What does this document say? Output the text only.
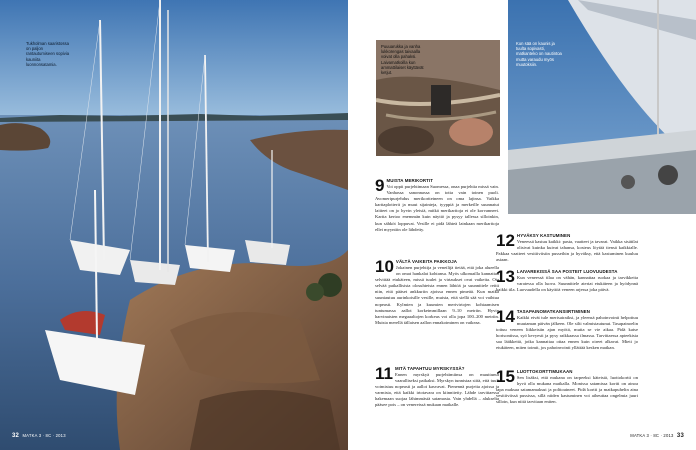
Tukholman saaristossa on paljon rantautumiseen sopivia kauniita luonnonsatamia.
32 MATKA 3 · 8C · 2013
Puuuarukka ja vanha lukkorengas taivaalla voivat olla pahaksi. Laivamatkoilla kun ammattilaiset käyttävät ketjut.
Kun sää on kaunis ja tuulta sopivasti, matkanteko on nautintoa mutta varaudu myös muutoksiin.
9 MUISTA MERIKORTIT
Voi oppii purjehtimaan Suomessa, onaa purjehtia missä vain. Vanhassa sanonnassa on totta vain toinen puoli. Avomeripurjehdus merikortteineen on oma lajinsa. Vaikka karttaplotterit ja muut sijainteja, tyyppiä ja merkeille suunnatut laitteet on jo hyvin yleisiä, mitkä merikarttoja ei ole korvanneet. Kartta kertoo enemmän kuin näyttö ja pysyy tallessa silloinkin, kun sähköt loppuvat. Vesille ei pidä lähteä lainkaan merikarttoja ellei myyntiin ole lähdetty.
10 VÄLTÄ VAIKEITA PAIKKOJA
Jokainen purjehtija ja veneilijä tietää, että joka alueella on omat hankalat kohtansa. Myös ulkomailla kannattaa selvittää etukäteen, missä tuulet ja virtaukset ovat vaikeita. Ota selvää paikallisista olosuhteista ennen lähtöä ja suunnittele reitti niin, että pääset ankkuriin ajoissa ennen pimeää. Kun matka suuntautuu aurinkoisille vesille, muista, että siellä sää voi vaihtua nopeasti. Kylmien ja kuumien merivirtojen kohtaamisen tuntumassa aallot korkeimmillaan 9–10 metriin. Hyvin harvinaisten megaaaltojen korkeus voi olla jopa 100–200 metriin. Muista merellä tällaisen aallon ennakoiminen on vaikeaa.
11 MITÄ TAPAHTUU MYRSKYSSÄ?
Ennen myrskyä purjehtimiinsa on muuttunut vaaralliseksi paikaksi. Myrskyn tunnistaa siitä, että tuuli voimistuu nopeasti ja aallot kasvavat. Pienennä purjeita ajoissa ja varmista, että kaikki irtotavara on kiinnitetty. Lähde tarvittaessa hakemaan suojaa lähimmästä satamasta. Vain yhdellä – alukselta pääsee pois – on venereissä mukaan matkalle.
12 HYVÄKSY KASTUMINEN
Veneessä kastuu kaikki: pasta, vaatteet ja tavarat. Vaikka sisätilat olisivat kuinka kuivat tahansa, kosteus löytää tiensä kaikkialle. Pakkaa vaatteet vesitiiviisiin pusseihin ja hyväksy, että kastuminen kuuluu asiaan.
13 LAIVAREKISSÄ SAA POSTEIT LUOVUUDESTA
Kun veneessä tilaa on vähän, kannattaa ruokaa ja tarvikkeita varatessa olla luova. Suunnittele ateriat etukäteen ja hyödynnä kaikki tila. Luovuudella on käyttöä veneen arjessa joka päivä.
14 TASAPAINOMATKANSIIRTIMINEN
Kaikki eivät tule merisairaiksi, ja yleensä pahoinvointi helpottuu muutaman päivän jälkeen. Ole silti valmistautunut. Tasapainoelin tottuu veneen liikkeisiin ajan myötä, mutta se vie aikaa. Pidä katse horisontissa, syö kevyesti ja pysy raikkaassa ilmassa. Tarvittaessa apteekista saa lääkkeitä, jotka kannattaa ottaa ennen kuin oireet alkavat. Mieti jo etukäteen, miten toimit, jos pahoinvointi yllättää kesken matkan.
15 LUOTTOKORTTIMUKAAN
Sen lisäksi, että mukana on tarpeeksi käteistä, luottokortti on hyvä olla mukana matkalla. Monissa satamissa kortti on ainoa tapa maksaa satamamaksut ja polttoaineet. Pidä kortti ja matkapuhelin aina vesitiiviissä pussissa, sillä niiden kastuminen voi aiheuttaa ongelmia juuri silloin, kun niitä tarvitaan eniten.
MATKA 3 · 8C · 2013 33
